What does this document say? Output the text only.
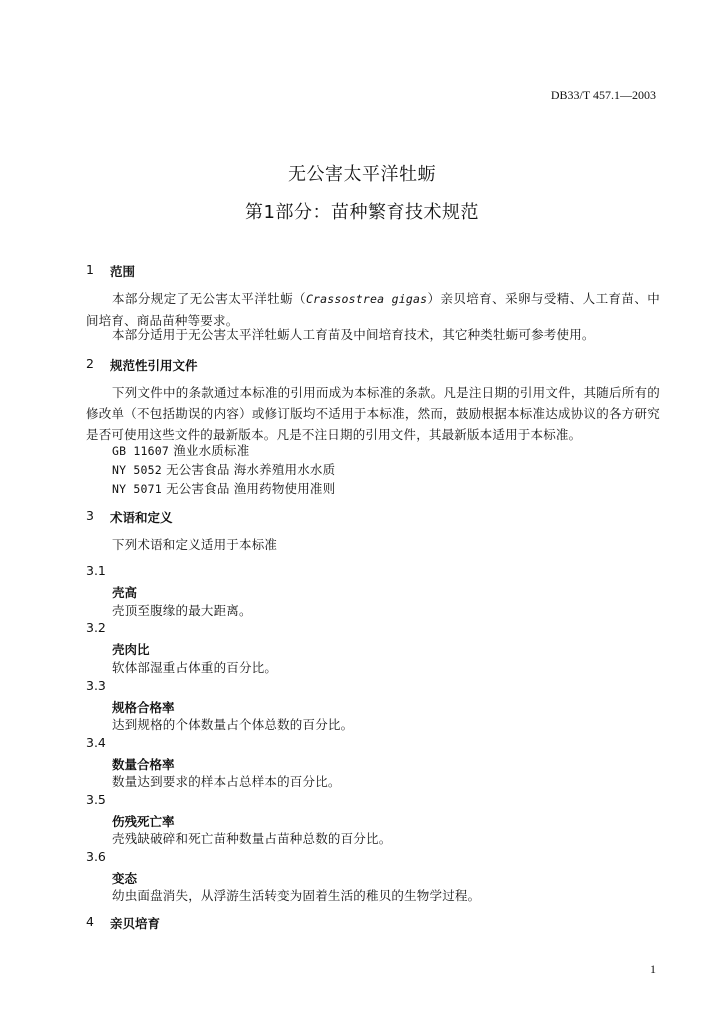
DB33/T 457.1—2003
无公害太平洋牡蛎
第1部分：苗种繁育技术规范
1 范围
本部分规定了无公害太平洋牡蛎（Crassostrea gigas）亲贝培育、采卵与受精、人工育苗、中间培育、商品苗种等要求。
本部分适用于无公害太平洋牡蛎人工育苗及中间培育技术，其它种类牡蛎可参考使用。
2 规范性引用文件
下列文件中的条款通过本标准的引用而成为本标准的条款。凡是注日期的引用文件，其随后所有的修改单（不包括勘误的内容）或修订版均不适用于本标准，然而，鼓励根据本标准达成协议的各方研究是否可使用这些文件的最新版本。凡是不注日期的引用文件，其最新版本适用于本标准。
GB 11607 渔业水质标准
NY 5052 无公害食品 海水养殖用水水质
NY 5071 无公害食品 渔用药物使用准则
3 术语和定义
下列术语和定义适用于本标准
3.1
壳高
壳顶至腹缘的最大距离。
3.2
壳肉比
软体部湿重占体重的百分比。
3.3
规格合格率
达到规格的个体数量占个体总数的百分比。
3.4
数量合格率
数量达到要求的样本占总样本的百分比。
3.5
伤残死亡率
壳残缺破碎和死亡苗种数量占苗种总数的百分比。
3.6
变态
幼虫面盘消失，从浮游生活转变为固着生活的稚贝的生物学过程。
4 亲贝培育
1
